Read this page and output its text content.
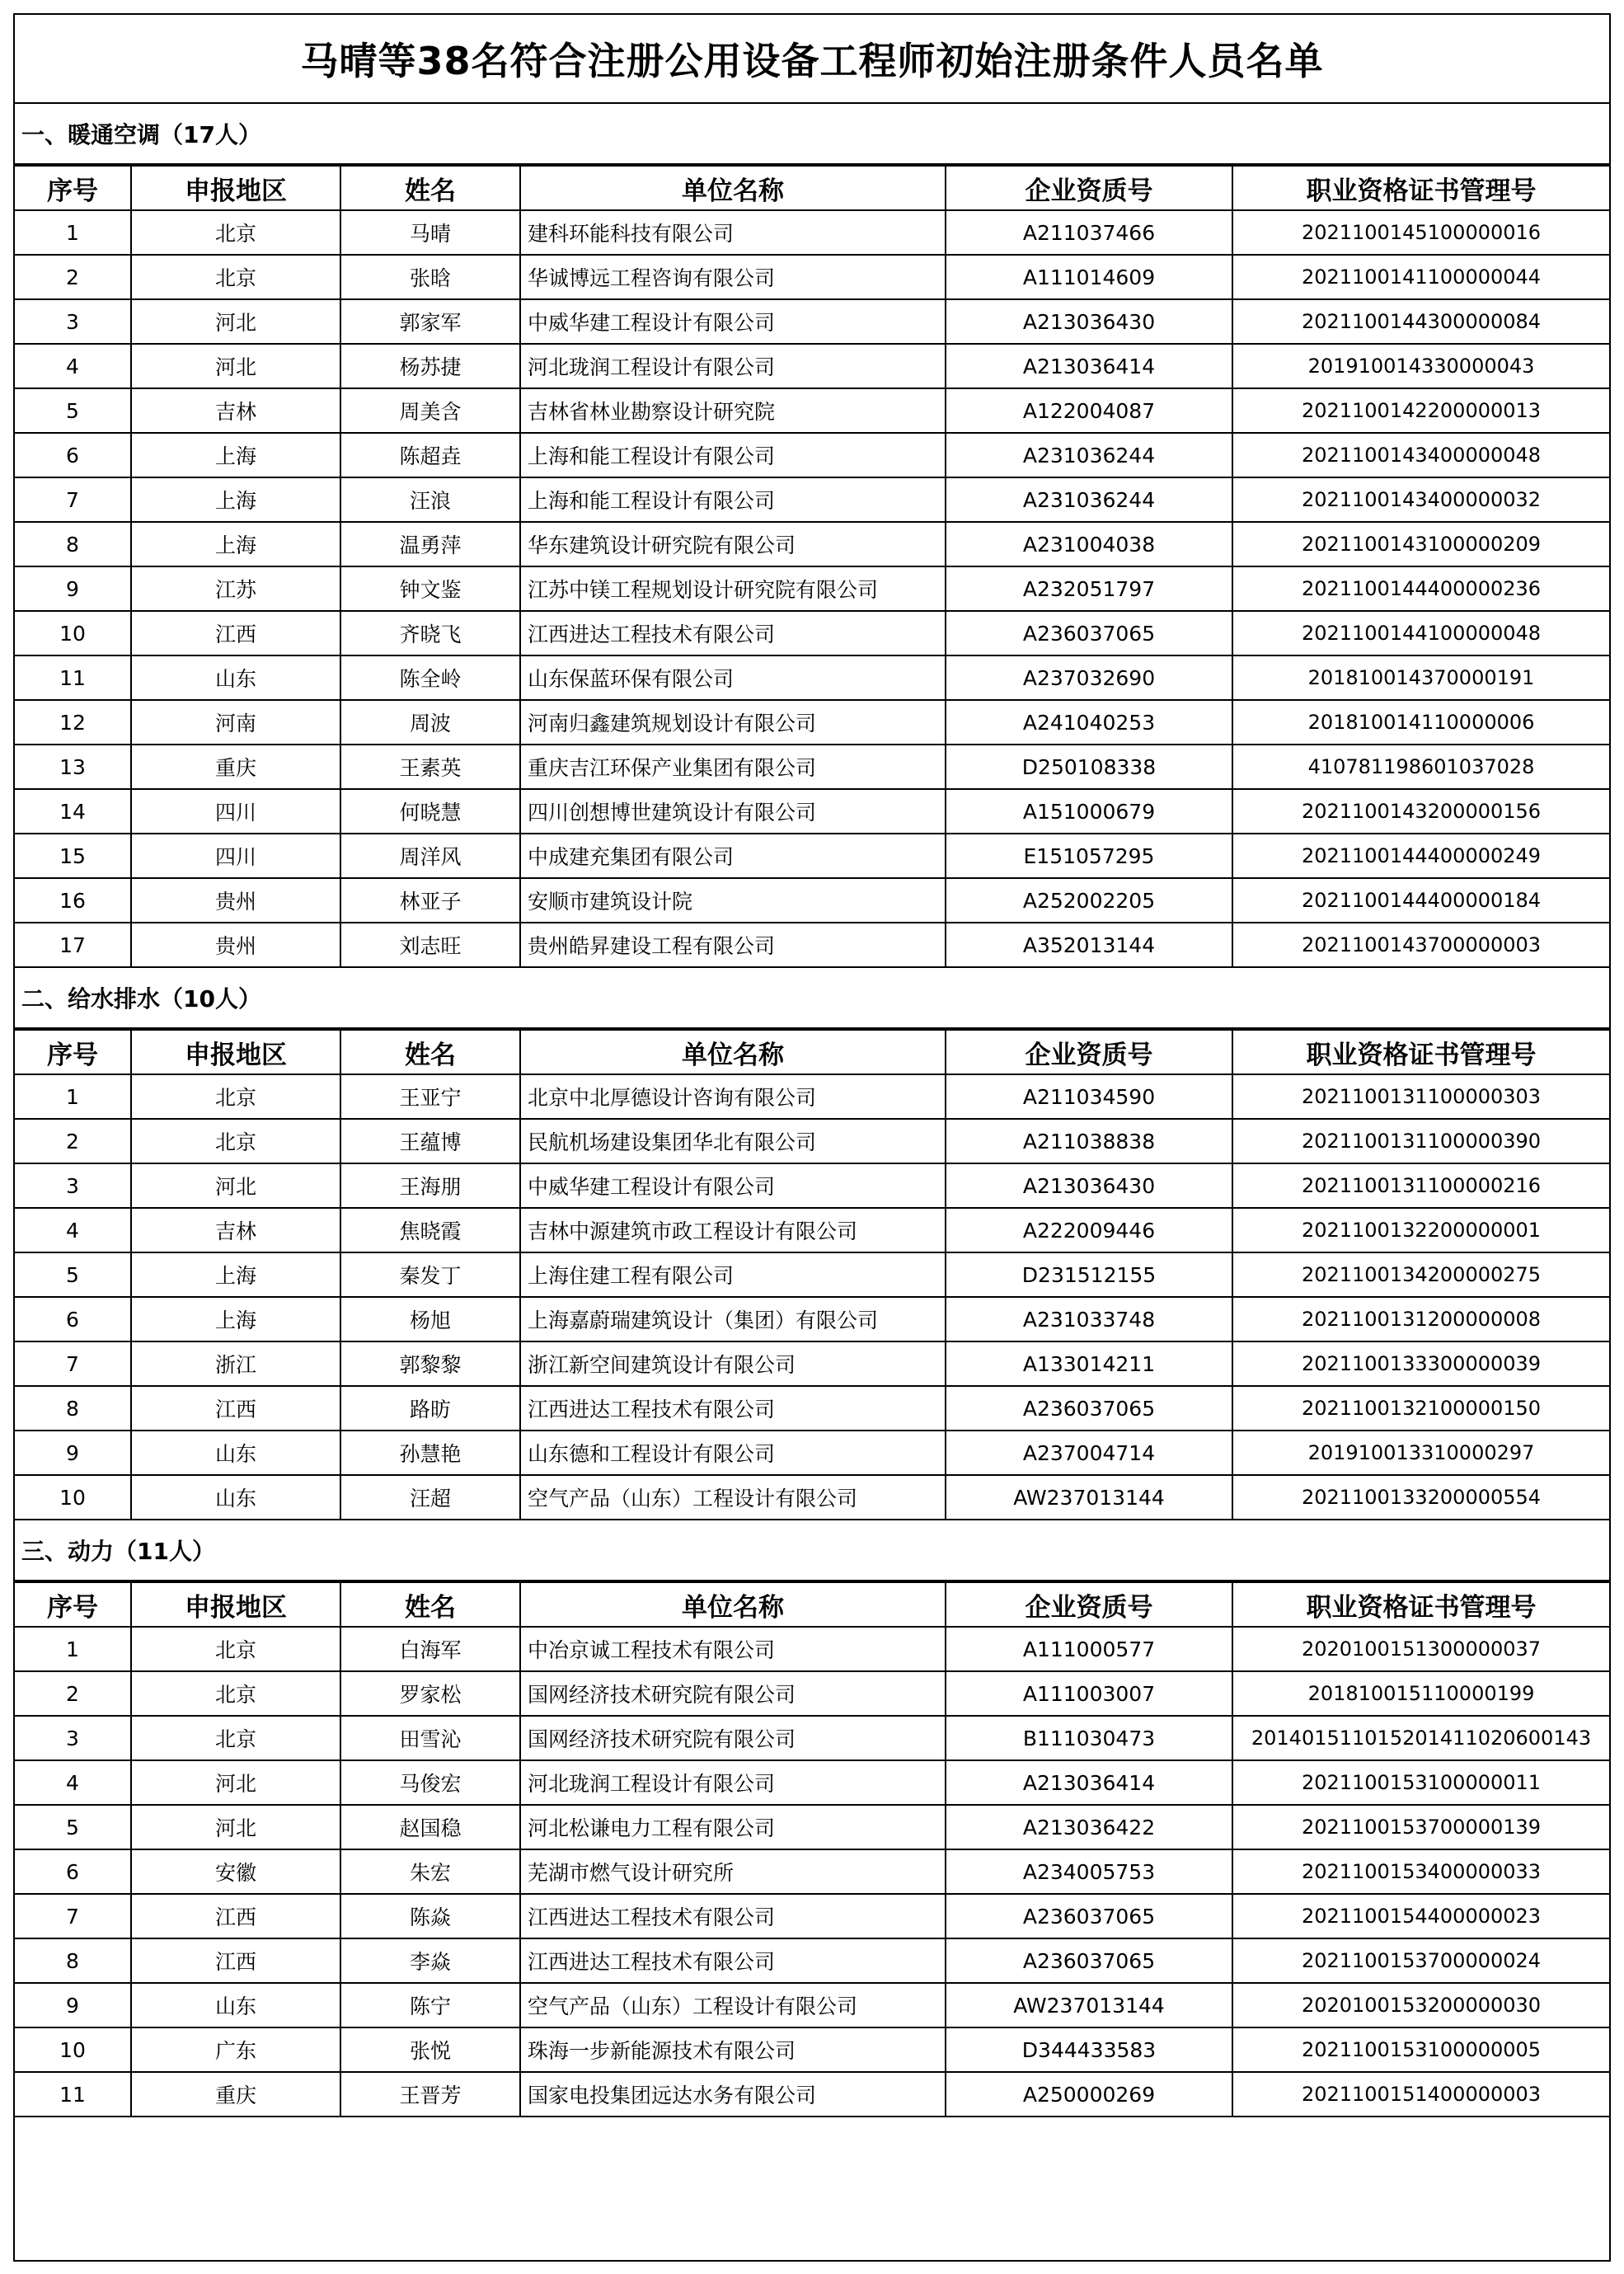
马晴等38名符合注册公用设备工程师初始注册条件人员名单
一、暖通空调（17人）
序号	申报地区	姓名	单位名称	企业资质号	职业资格证书管理号
1	北京	马晴	建科环能科技有限公司	A211037466	2021100145100000016
2	北京	张晗	华诚博远工程咨询有限公司	A111014609	2021100141100000044
3	河北	郭家军	中威华建工程设计有限公司	A213036430	2021100144300000084
4	河北	杨苏捷	河北珑润工程设计有限公司	A213036414	201910014330000043
5	吉林	周美含	吉林省林业勘察设计研究院	A122004087	2021100142200000013
6	上海	陈超垚	上海和能工程设计有限公司	A231036244	2021100143400000048
7	上海	汪浪	上海和能工程设计有限公司	A231036244	2021100143400000032
8	上海	温勇萍	华东建筑设计研究院有限公司	A231004038	2021100143100000209
9	江苏	钟文鉴	江苏中镁工程规划设计研究院有限公司	A232051797	2021100144400000236
10	江西	齐晓飞	江西进达工程技术有限公司	A236037065	2021100144100000048
11	山东	陈全岭	山东保蓝环保有限公司	A237032690	201810014370000191
12	河南	周波	河南归鑫建筑规划设计有限公司	A241040253	201810014110000006
13	重庆	王素英	重庆吉江环保产业集团有限公司	D250108338	410781198601037028
14	四川	何晓慧	四川创想博世建筑设计有限公司	A151000679	2021100143200000156
15	四川	周洋风	中成建充集团有限公司	E151057295	2021100144400000249
16	贵州	林亚子	安顺市建筑设计院	A252002205	2021100144400000184
17	贵州	刘志旺	贵州皓昇建设工程有限公司	A352013144	2021100143700000003
二、给水排水（10人）
序号	申报地区	姓名	单位名称	企业资质号	职业资格证书管理号
1	北京	王亚宁	北京中北厚德设计咨询有限公司	A211034590	2021100131100000303
2	北京	王蕴博	民航机场建设集团华北有限公司	A211038838	2021100131100000390
3	河北	王海朋	中威华建工程设计有限公司	A213036430	2021100131100000216
4	吉林	焦晓霞	吉林中源建筑市政工程设计有限公司	A222009446	2021100132200000001
5	上海	秦发丁	上海住建工程有限公司	D231512155	2021100134200000275
6	上海	杨旭	上海嘉蔚瑞建筑设计（集团）有限公司	A231033748	2021100131200000008
7	浙江	郭黎黎	浙江新空间建筑设计有限公司	A133014211	2021100133300000039
8	江西	路昉	江西进达工程技术有限公司	A236037065	2021100132100000150
9	山东	孙慧艳	山东德和工程设计有限公司	A237004714	201910013310000297
10	山东	汪超	空气产品（山东）工程设计有限公司	AW237013144	2021100133200000554
三、动力（11人）
序号	申报地区	姓名	单位名称	企业资质号	职业资格证书管理号
1	北京	白海军	中冶京诚工程技术有限公司	A111000577	2020100151300000037
2	北京	罗家松	国网经济技术研究院有限公司	A111003007	201810015110000199
3	北京	田雪沁	国网经济技术研究院有限公司	B111030473	201401511015201411020600143
4	河北	马俊宏	河北珑润工程设计有限公司	A213036414	2021100153100000011
5	河北	赵国稳	河北松谦电力工程有限公司	A213036422	2021100153700000139
6	安徽	朱宏	芜湖市燃气设计研究所	A234005753	2021100153400000033
7	江西	陈焱	江西进达工程技术有限公司	A236037065	2021100154400000023
8	江西	李焱	江西进达工程技术有限公司	A236037065	2021100153700000024
9	山东	陈宁	空气产品（山东）工程设计有限公司	AW237013144	2020100153200000030
10	广东	张悦	珠海一步新能源技术有限公司	D344433583	2021100153100000005
11	重庆	王晋芳	国家电投集团远达水务有限公司	A250000269	2021100151400000003
